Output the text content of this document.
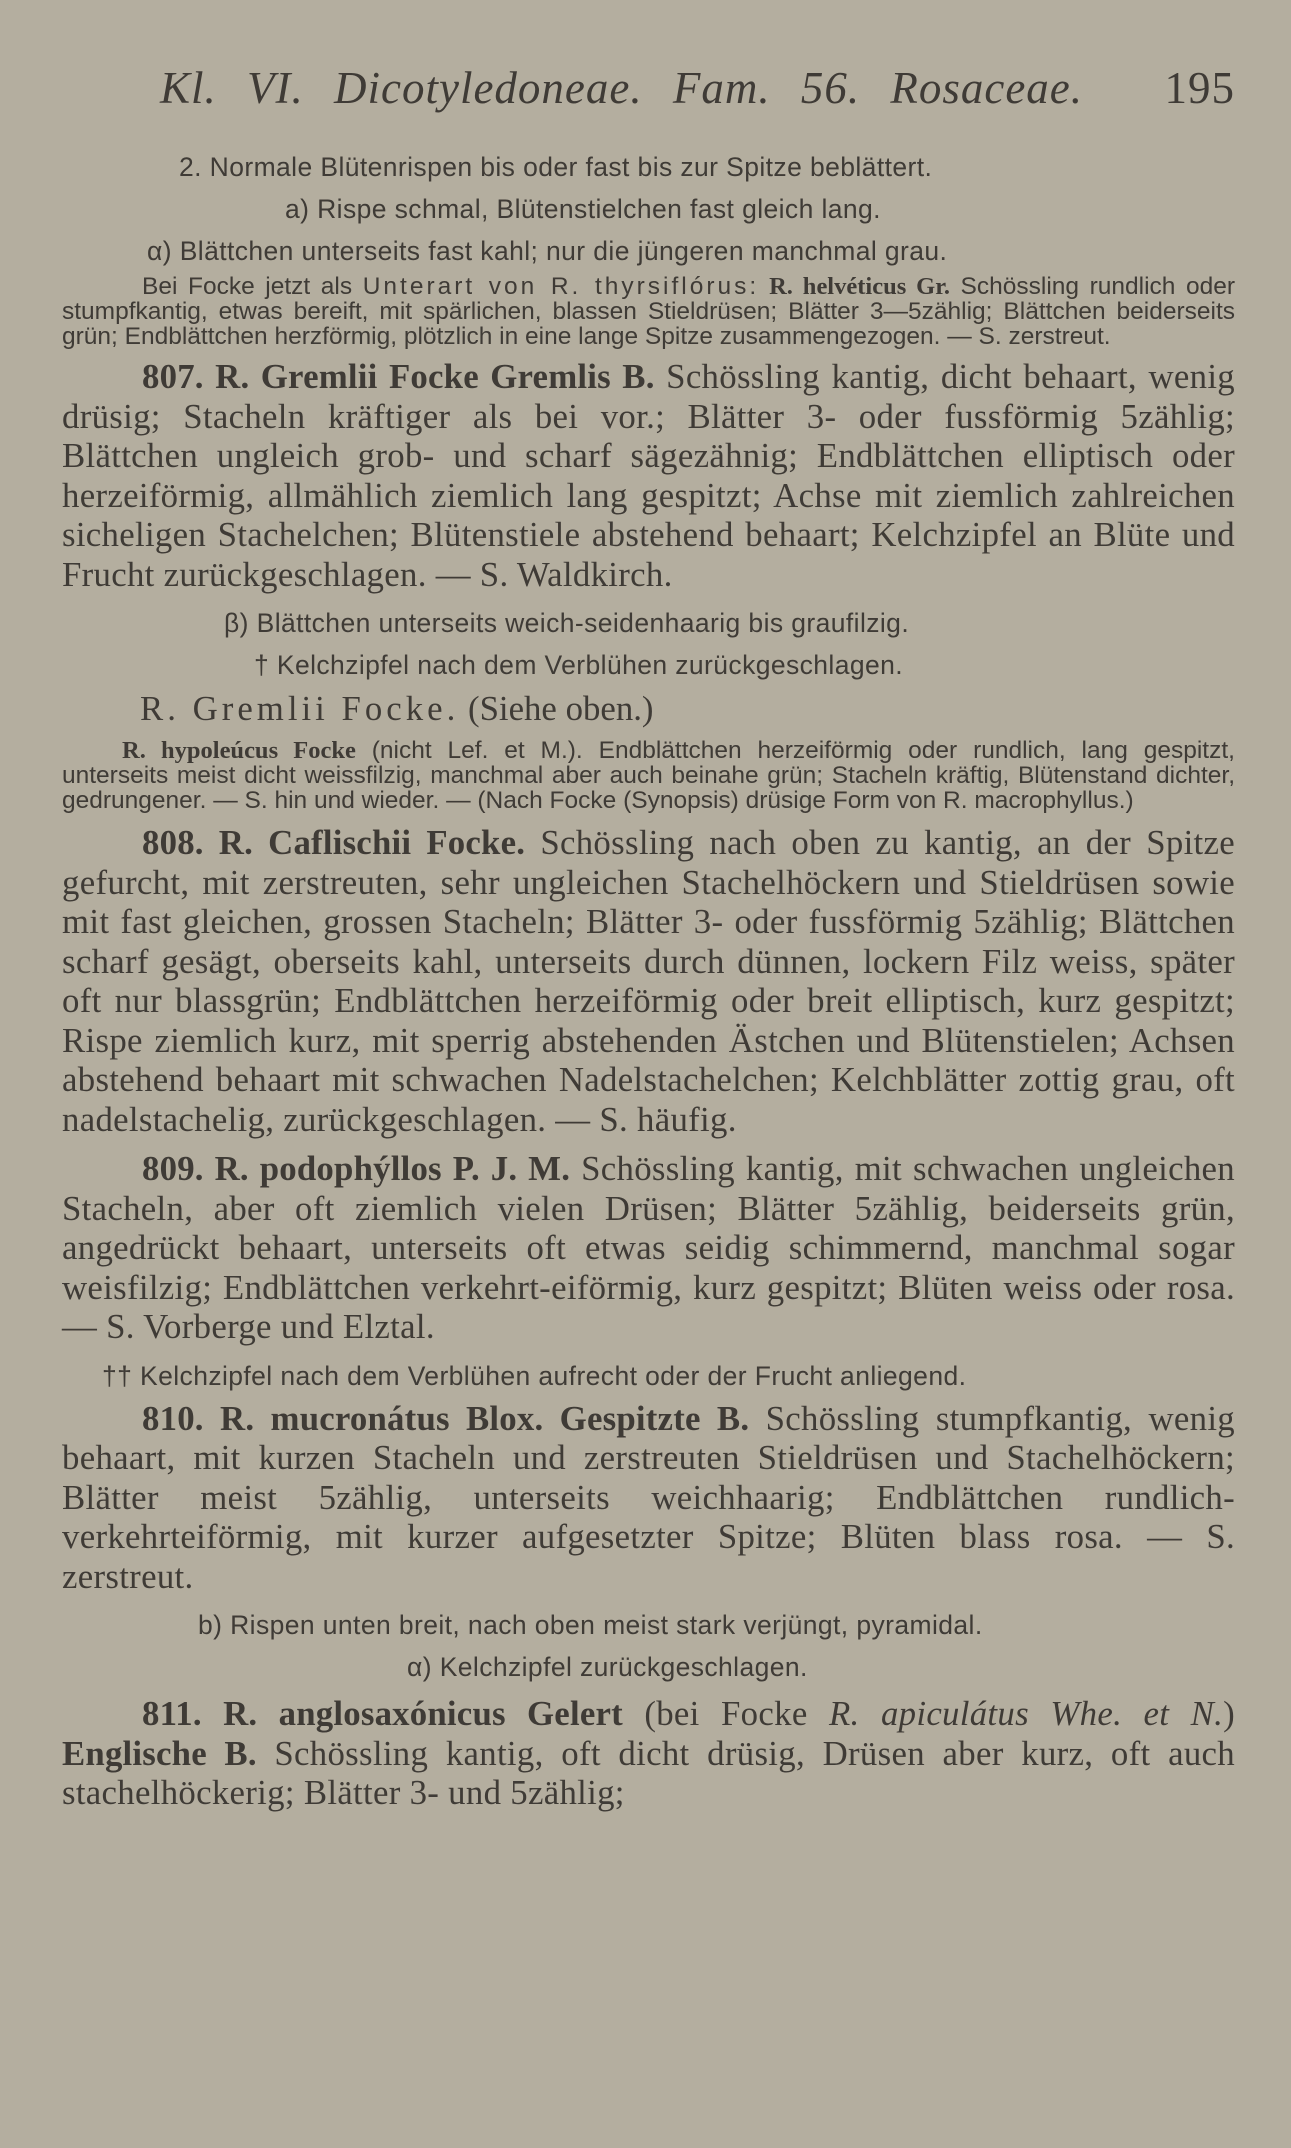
Kl. VI. Dicotyledoneae. Fam. 56. Rosaceae. 195

2. Normale Blütenrispen bis oder fast bis zur Spitze beblättert.

a) Rispe schmal, Blütenstielchen fast gleich lang.

α) Blättchen unterseits fast kahl; nur die jüngeren manchmal grau.

Bei Focke jetzt als Unterart von R. thyrsiflórus: R. helvéticus Gr. Schössling rundlich oder stumpfkantig, etwas bereift, mit spärlichen, blassen Stieldrüsen; Blätter 3—5zählig; Blättchen beiderseits grün; Endblättchen herzförmig, plötzlich in eine lange Spitze zusammengezogen. — S. zerstreut.

807. R. Gremlii Focke Gremlis B. Schössling kantig, dicht behaart, wenig drüsig; Stacheln kräftiger als bei vor.; Blätter 3- oder fussförmig 5zählig; Blättchen ungleich grob- und scharf sägezähnig; Endblättchen elliptisch oder herzeiförmig, allmählich ziemlich lang gespitzt; Achse mit ziemlich zahlreichen sicheligen Stachelchen; Blütenstiele abstehend behaart; Kelchzipfel an Blüte und Frucht zurückgeschlagen. — S. Waldkirch.

β) Blättchen unterseits weich-seidenhaarig bis graufilzig.

† Kelchzipfel nach dem Verblühen zurückgeschlagen.

R. Gremlii Focke. (Siehe oben.)

R. hypoleúcus Focke (nicht Lef. et M.). Endblättchen herzeiförmig oder rundlich, lang gespitzt, unterseits meist dicht weissfilzig, manchmal aber auch beinahe grün; Stacheln kräftig, Blütenstand dichter, gedrungener. — S. hin und wieder. — (Nach Focke (Synopsis) drüsige Form von R. macrophyllus.)

808. R. Caflischii Focke. Schössling nach oben zu kantig, an der Spitze gefurcht, mit zerstreuten, sehr ungleichen Stachelhöckern und Stieldrüsen sowie mit fast gleichen, grossen Stacheln; Blätter 3- oder fussförmig 5zählig; Blättchen scharf gesägt, oberseits kahl, unterseits durch dünnen, lockern Filz weiss, später oft nur blassgrün; Endblättchen herzeiförmig oder breit elliptisch, kurz gespitzt; Rispe ziemlich kurz, mit sperrig abstehenden Ästchen und Blütenstielen; Achsen abstehend behaart mit schwachen Nadelstachelchen; Kelchblätter zottig grau, oft nadelstachelig, zurückgeschlagen. — S. häufig.

809. R. podophýllos P. J. M. Schössling kantig, mit schwachen ungleichen Stacheln, aber oft ziemlich vielen Drüsen; Blätter 5zählig, beiderseits grün, angedrückt behaart, unterseits oft etwas seidig schimmernd, manchmal sogar weisfilzig; Endblättchen verkehrt-eiförmig, kurz gespitzt; Blüten weiss oder rosa. — S. Vorberge und Elztal.

†† Kelchzipfel nach dem Verblühen aufrecht oder der Frucht anliegend.

810. R. mucronátus Blox. Gespitzte B. Schössling stumpfkantig, wenig behaart, mit kurzen Stacheln und zerstreuten Stieldrüsen und Stachelhöckern; Blätter meist 5zählig, unterseits weichhaarig; Endblättchen rundlich-verkehrteiförmig, mit kurzer aufgesetzter Spitze; Blüten blass rosa. — S. zerstreut.

b) Rispen unten breit, nach oben meist stark verjüngt, pyramidal.

α) Kelchzipfel zurückgeschlagen.

811. R. anglosaxónicus Gelert (bei Focke R. apiculátus Whe. et N.) Englische B. Schössling kantig, oft dicht drüsig, Drüsen aber kurz, oft auch stachelhöckerig; Blätter 3- und 5zählig;
